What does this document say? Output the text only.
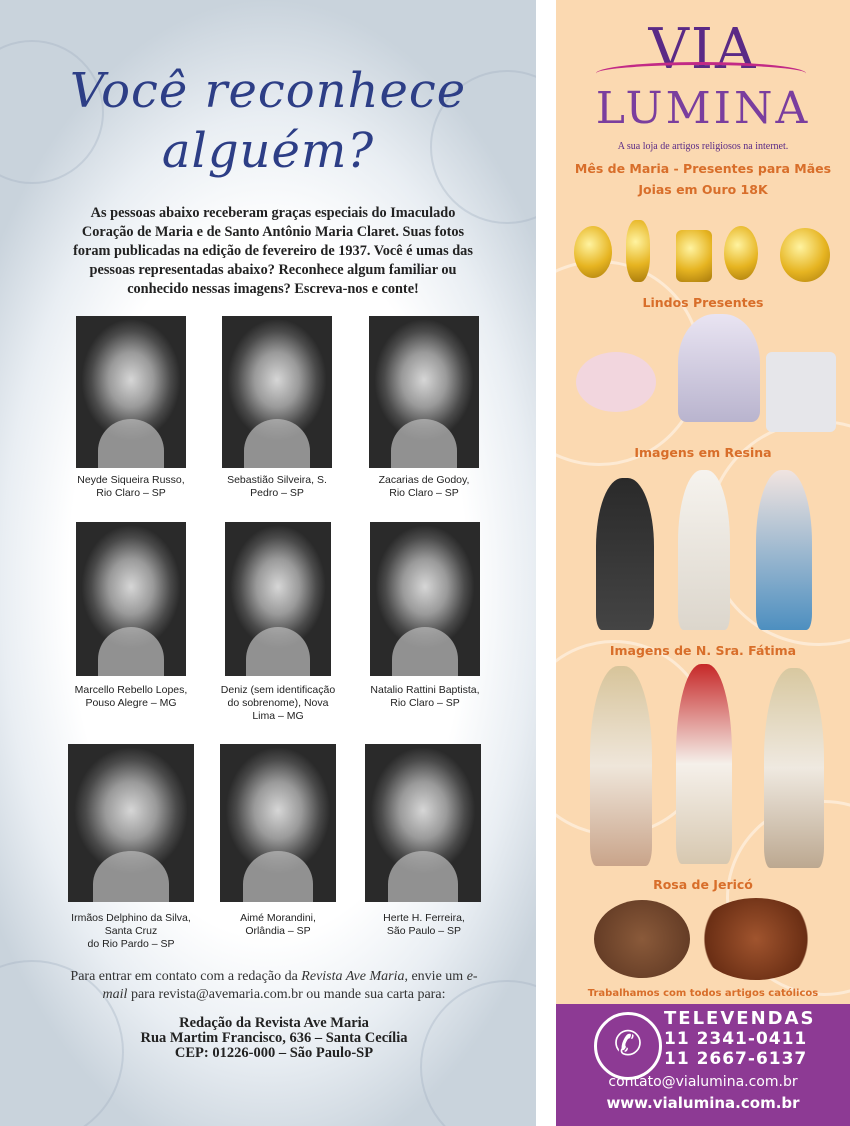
Você reconhece
alguém?
As pessoas abaixo receberam graças especiais do Imaculado Coração de Maria e de Santo Antônio Maria Claret. Suas fotos foram publicadas na edição de fevereiro de 1937. Você é umas das pessoas representadas abaixo? Reconhece algum familiar ou conhecido nessas imagens? Escreva-nos e conte!
Neyde Siqueira Russo,
Rio Claro – SP
Sebastião Silveira, S.
Pedro – SP
Zacarias de Godoy,
Rio Claro – SP
Marcello Rebello Lopes,
Pouso Alegre – MG
Deniz (sem identificação
do sobrenome), Nova
Lima – MG
Natalio Rattini Baptista,
Rio Claro – SP
Irmãos Delphino da Silva,
Santa Cruz
do Rio Pardo – SP
Aimé Morandini,
Orlândia – SP
Herte H. Ferreira,
São Paulo – SP
Para entrar em contato com a redação da Revista Ave Maria, envie um e-mail para revista@avemaria.com.br ou mande sua carta para:
Redação da Revista Ave Maria
Rua Martim Francisco, 636 – Santa Cecília
CEP: 01226-000 – São Paulo-SP
VIA
LUMINA
A sua loja de artigos religiosos na internet.
Mês de Maria - Presentes para Mães
Joias em Ouro 18K
Lindos Presentes
Imagens em Resina
Imagens de N. Sra. Fátima
Rosa de Jericó
Trabalhamos com todos artigos católicos
✆
TELEVENDAS
11 2341-0411
11 2667-6137
contato@vialumina.com.br
www.vialumina.com.br
